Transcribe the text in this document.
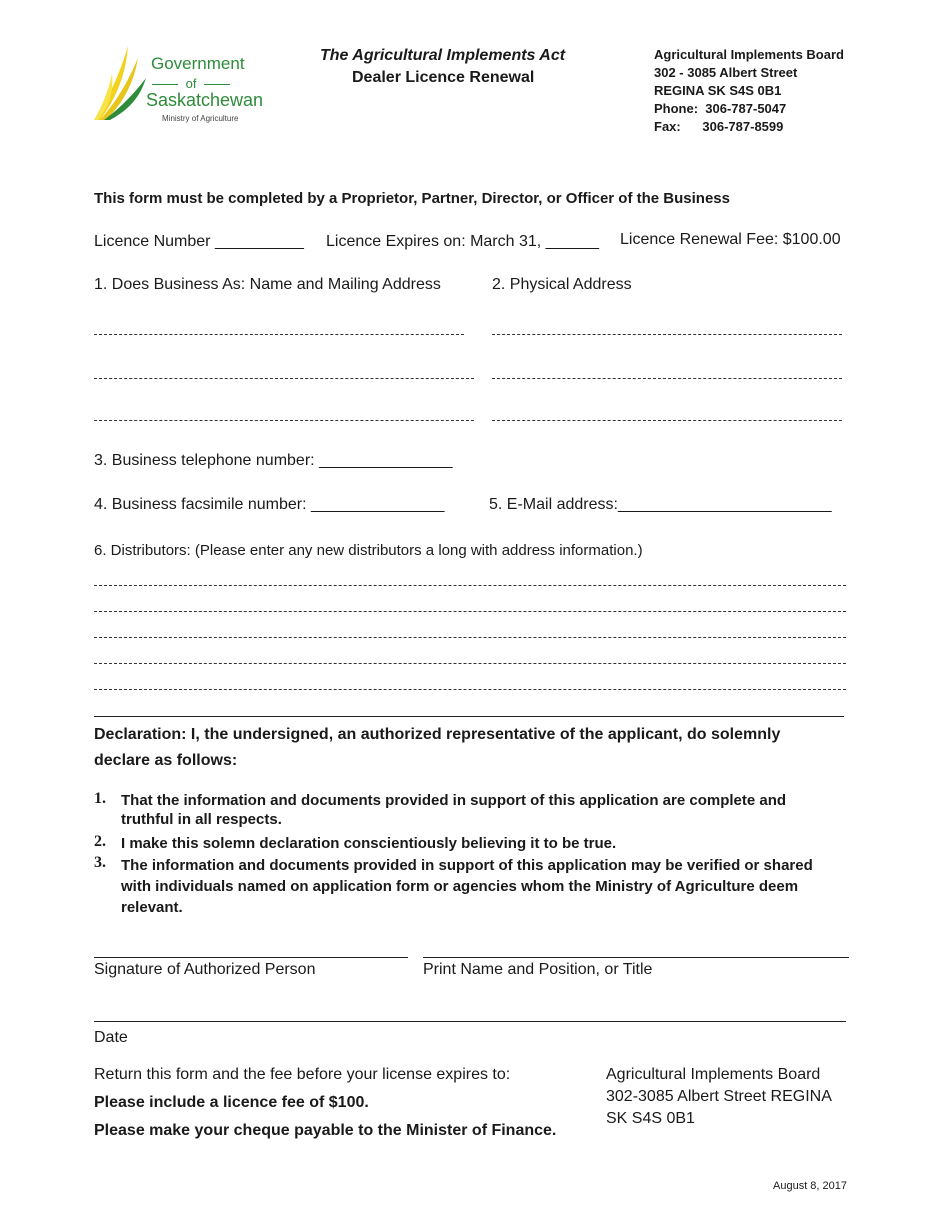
Government
of
Saskatchewan
Ministry of Agriculture
The Agricultural Implements Act
Dealer Licence Renewal
Agricultural Implements Board
302 - 3085 Albert Street
REGINA SK S4S 0B1
Phone:  306-787-5047
Fax:      306-787-8599
This form must be completed by a Proprietor, Partner, Director, or Officer of the Business
Licence Number __________ Licence Expires on: March 31, ______ Licence Renewal Fee: $100.00
1. Does Business As: Name and Mailing Address	2. Physical Address
3. Business telephone number: _______________
4. Business facsimile number: _______________	5. E-Mail address:________________________
6. Distributors: (Please enter any new distributors a long with address information.)
Declaration: I, the undersigned, an authorized representative of the applicant, do solemnly declare as follows:
1. That the information and documents provided in support of this application are complete and truthful in all respects.
2. I make this solemn declaration conscientiously believing it to be true.
3. The information and documents provided in support of this application may be verified or shared with individuals named on application form or agencies whom the Ministry of Agriculture deem relevant.
Signature of Authorized Person	Print Name and Position, or Title
Date
Return this form and the fee before your license expires to:
Please include a licence fee of $100.
Please make your cheque payable to the Minister of Finance.
Agricultural Implements Board
302-3085 Albert Street REGINA
SK S4S 0B1
August 8, 2017
